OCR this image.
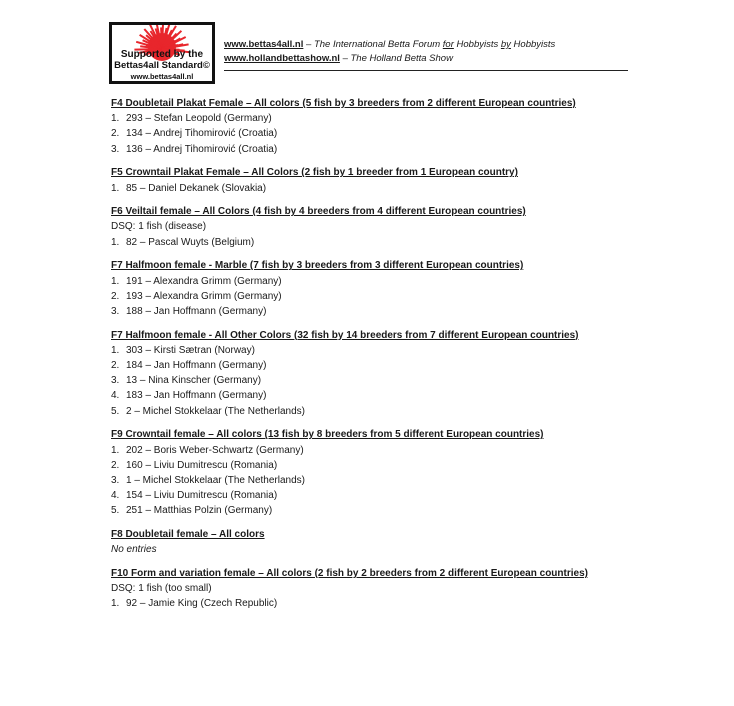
Supported by the
Bettas4all Standard©
www.bettas4all.nl
www.bettas4all.nl – The International Betta Forum for Hobbyists by Hobbyists
www.hollandbettashow.nl – The Holland Betta Show
F4 Doubletail Plakat Female – All colors (5 fish by 3 breeders from 2 different European countries)
1. 293 – Stefan Leopold (Germany)
2. 134 – Andrej Tihomirović (Croatia)
3. 136 – Andrej Tihomirović (Croatia)
F5 Crowntail Plakat Female – All Colors (2 fish by 1 breeder from 1 European country)
1. 85 – Daniel Dekanek (Slovakia)
F6 Veiltail female – All Colors (4 fish by 4 breeders from 4 different European countries)
DSQ: 1 fish (disease)
1. 82 – Pascal Wuyts (Belgium)
F7 Halfmoon female - Marble (7 fish by 3 breeders from 3 different European countries)
1. 191 – Alexandra Grimm (Germany)
2. 193 – Alexandra Grimm (Germany)
3. 188 – Jan Hoffmann (Germany)
F7 Halfmoon female - All Other Colors (32 fish by 14 breeders from 7 different European countries)
1. 303 – Kirsti Sætran (Norway)
2. 184 – Jan Hoffmann (Germany)
3. 13 – Nina Kinscher (Germany)
4. 183 – Jan Hoffmann (Germany)
5. 2 – Michel Stokkelaar (The Netherlands)
F9 Crowntail female – All colors (13 fish by 8 breeders from 5 different European countries)
1. 202 – Boris Weber-Schwartz (Germany)
2. 160 – Liviu Dumitrescu (Romania)
3. 1 – Michel Stokkelaar (The Netherlands)
4. 154 – Liviu Dumitrescu (Romania)
5. 251 – Matthias Polzin (Germany)
F8 Doubletail female – All colors
No entries
F10 Form and variation female – All colors (2 fish by 2 breeders from 2 different European countries)
DSQ: 1 fish (too small)
1. 92 – Jamie King (Czech Republic)
